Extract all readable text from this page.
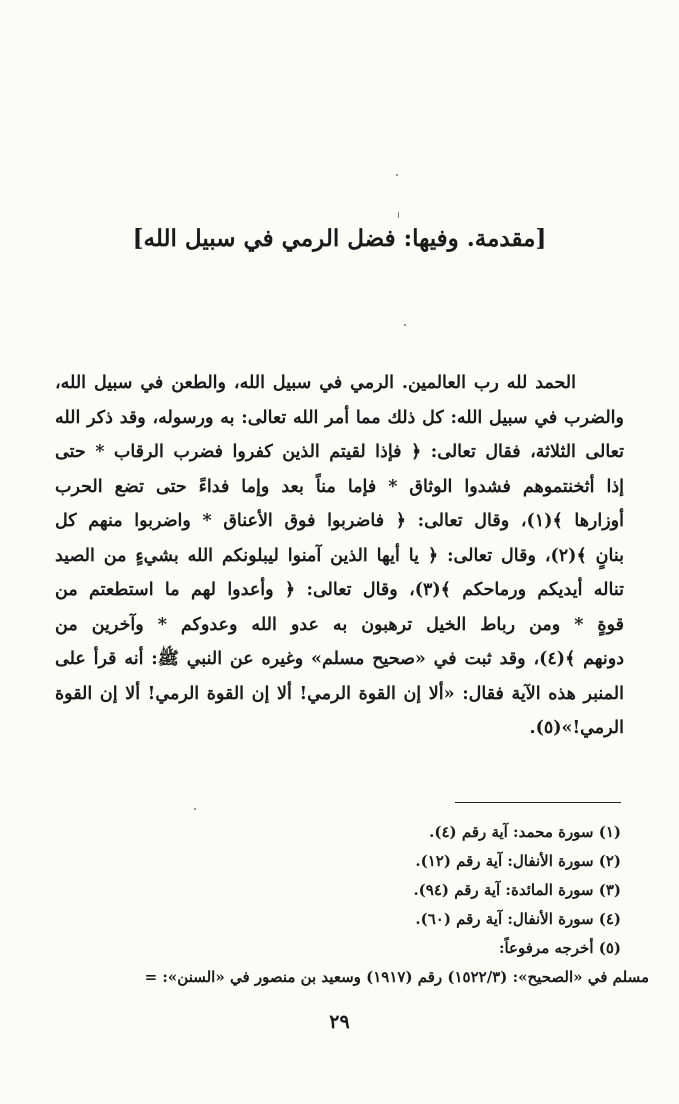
[مقدمة. وفيها: فضل الرمي في سبيل الله]
الحمد لله رب العالمين. الرمي في سبيل الله، والطعن في سبيل الله،
والضرب في سبيل الله: كل ذلك مما أمر الله تعالى: به ورسوله، وقد ذكر الله
تعالى الثلاثة، فقال تعالى: ﴿ فإذا لقيتم الذين كفروا فضرب الرقاب * حتى
إذا أثخنتموهم فشدوا الوثاق * فإما مناً بعد وإما فداءً حتى تضع الحرب
أوزارها ﴾(١)، وقال تعالى: ﴿ فاضربوا فوق الأعناق * واضربوا منهم كل
بنانٍ ﴾(٢)، وقال تعالى: ﴿ يا أيها الذين آمنوا ليبلونكم الله بشيءٍ من الصيد
تناله أيديكم ورماحكم ﴾(٣)، وقال تعالى: ﴿ وأعدوا لهم ما استطعتم من
قوةٍ * ومن رباط الخيل ترهبون به عدو الله وعدوكم * وآخرين من
دونهم ﴾(٤)، وقد ثبت في «صحيح مسلم» وغيره عن النبي ﷺ: أنه قرأ على
المنبر هذه الآية فقال: «ألا إن القوة الرمي! ألا إن القوة الرمي! ألا إن القوة
الرمي!»(٥).
(١) سورة محمد: آية رقم (٤).
(٢) سورة الأنفال: آية رقم (١٢).
(٣) سورة المائدة: آية رقم (٩٤).
(٤) سورة الأنفال: آية رقم (٦٠).
(٥) أخرجه مرفوعاً:
مسلم في «الصحيح»: (١٥٢٢/٣) رقم (١٩١٧) وسعيد بن منصور في «السنن»: =
٢٩
